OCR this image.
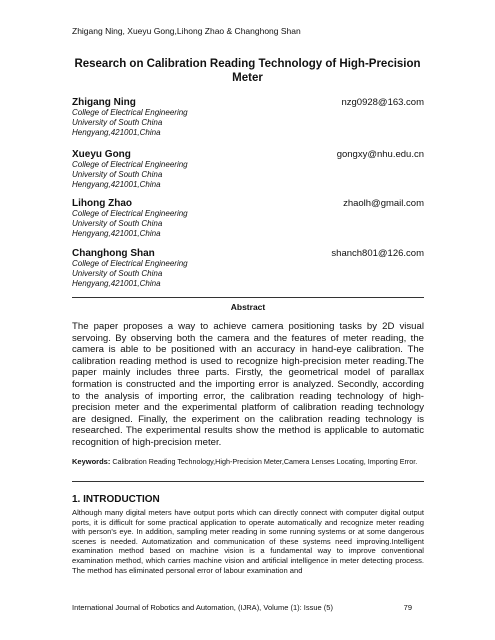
Zhigang Ning, Xueyu Gong,Lihong Zhao & Changhong Shan
Research on Calibration Reading Technology of High-Precision Meter
Zhigang Ning	nzg0928@163.com
College of Electrical Engineering
University of South China
Hengyang,421001,China
Xueyu Gong	gongxy@nhu.edu.cn
College of Electrical Engineering
University of South China
Hengyang,421001,China
Lihong Zhao	zhaolh@gmail.com
College of Electrical Engineering
University of South China
Hengyang,421001,China
Changhong Shan	shanch801@126.com
College of Electrical Engineering
University of South China
Hengyang,421001,China
Abstract
The paper proposes a way to achieve camera positioning tasks by 2D visual servoing. By observing both the camera and the features of meter reading, the camera is able to be positioned with an accuracy in hand-eye calibration. The calibration reading method is used to recognize high-precision meter reading.The paper mainly includes three parts. Firstly, the geometrical model of parallax formation is constructed and the importing error is analyzed. Secondly, according to the analysis of importing error, the calibration reading technology of high-precision meter and the experimental platform of calibration reading technology are designed. Finally, the experiment on the calibration reading technology is researched. The experimental results show the method is applicable to automatic recognition of high-precision meter.
Keywords: Calibration Reading Technology,High-Precision Meter,Camera Lenses Locating, Importing Error.
1. INTRODUCTION
Although many digital meters have output ports which can directly connect with computer digital output ports, it is difficult for some practical application to operate automatically and recognize meter reading with person's eye. In addition, sampling meter reading in some running systems or at some dangerous scenes is needed. Automatization and communication of these systems need improving.Intelligent examination method based on machine vision is a fundamental way to improve conventional examination method, which carries machine vision and artificial intelligence in meter detecting process. The method has eliminated personal error of labour examination and
International Journal of Robotics and Automation, (IJRA), Volume (1): Issue (5)	79
